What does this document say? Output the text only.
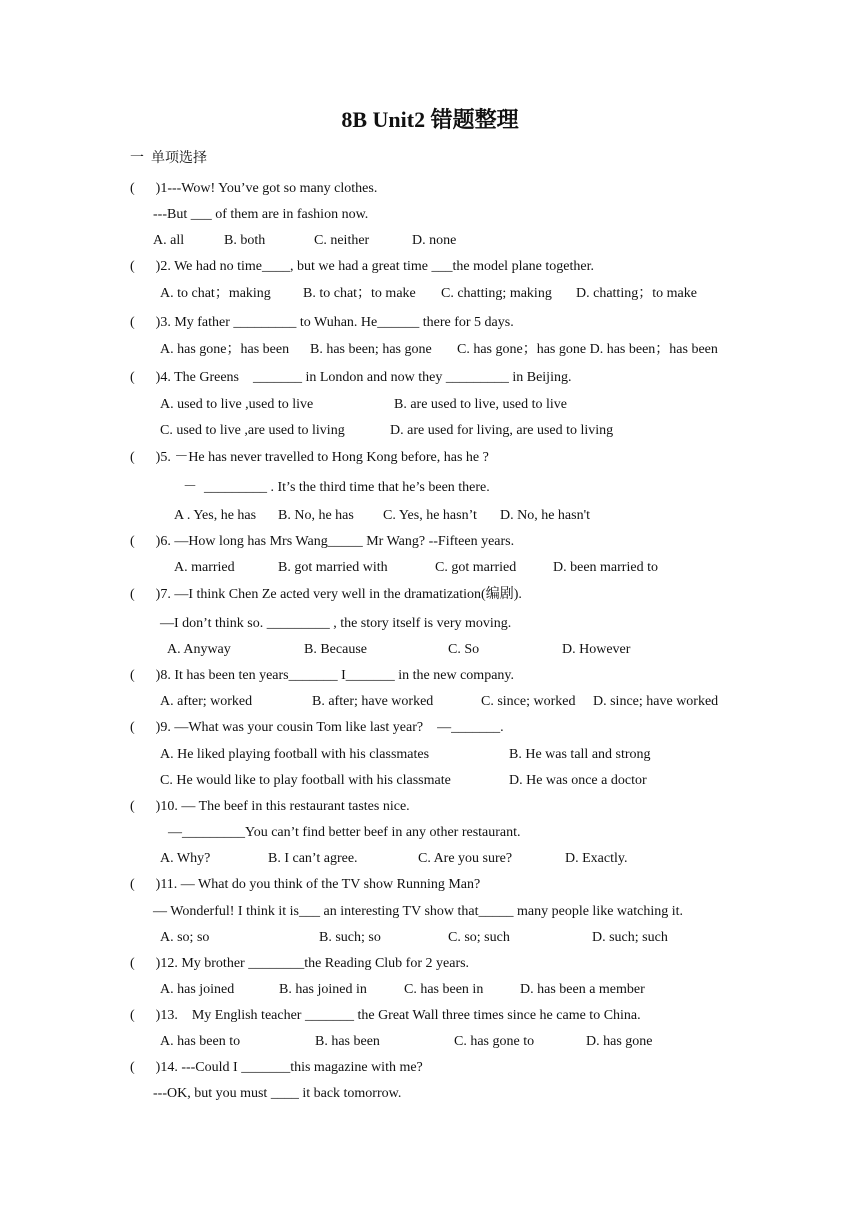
8B Unit2 错题整理
一  单项选择
(      )1---Wow! You’ve got so many clothes.
---But ___ of them are in fashion now.

A. all

	B. both

	C. neither

	D. none

(      )2. We had no time____, but we had a great time ___the model plane together.

A. to chat；making

B. to chat；to make

C. chatting; making

D. chatting；to make

(      )3. My father _________ to Wuhan. He______ there for 5 days.

A. has gone；has been

B. has been; has gone

C. has gone；has gone D. has been；has been

(      )4. The Greens    _______ in London and now they _________ in Beijing.

A. used to live ,used to live

	B. are used to live, used to live

C. used to live ,are used to living

	D. are used for living, are used to living

(      )5. －He has never travelled to Hong Kong before, has he ?
－  _________ . It’s the third time that he’s been there.

A . Yes, he has

B. No, he has

C. Yes, he hasn’t

D. No, he hasn't

(      )6. —How long has Mrs Wang_____ Mr Wang? --Fifteen years.

A. married

	B. got married with

	C. got married

	D. been married to

(      )7. —I think Chen Ze acted very well in the dramatization(编剧).
—I don’t think so. _________ , the story itself is very moving.

A. Anyway

	B. Because

	C. So

	D. However

(      )8. It has been ten years_______ I_______ in the new company.

A. after; worked

	B. after; have worked

	C. since; worked

D. since; have worked

(      )9. —What was your cousin Tom like last year?    —_______.

A. He liked playing football with his classmates

	B. He was tall and strong

C. He would like to play football with his classmate

	D. He was once a doctor

(      )10. — The beef in this restaurant tastes nice.
—_________You can’t find better beef in any other restaurant.

A. Why?

	B. I can’t agree.

	C. Are you sure?

	D. Exactly.

(      )11. — What do you think of the TV show Running Man?
— Wonderful! I think it is___ an interesting TV show that_____ many people like watching it.

A. so; so

	B. such; so

	C. so; such

	D. such; such

(      )12. My brother ________the Reading Club for 2 years.

A. has joined

	B. has joined in

	C. has been in

	D. has been a member

(      )13.    My English teacher _______ the Great Wall three times since he came to China.

A. has been to

	B. has been

	C. has gone to

	D. has gone

(      )14. ---Could I _______this magazine with me?
---OK, but you must ____ it back tomorrow.
